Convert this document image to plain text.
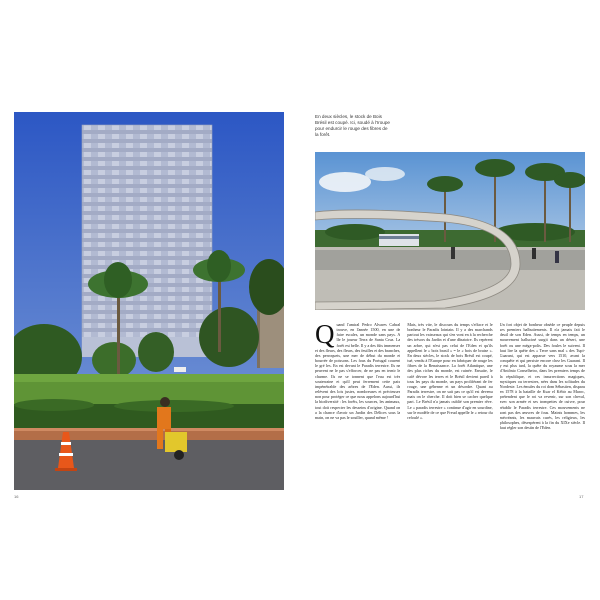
16
En deux siècles, le stock de Bois Brésil est coupé. Ici, soudé à l'Iroupe pour endurcir le rouge des fibres de la forêt.
Quand l'amiral Pedro Alvares Cabral trouve, en l'année 1500, en une de faire escales, un monde sans pays. A île le joueur Terra de Santa Cruz. La forêt est belle. Il y a des fûts immenses et des fleurs, des fleurs, des feuilles et des branches, des perroquets, une mer de début du monde et bourrée de poissons. Les fous du Portugal courent le gré les. En est devant le Paradis terrestre. Ils ne peuvent ne le pas s'efforcer, de ne pas en ternir le charme. Ils ne se tonnent que l'eau est très souterraine et qu'il peut ferrement cette paix impénétrable des arbres de l'Eden. Aussi, ils relèvent des lois justes, nombreuses et précieuses non pour protéger ce que nous appelons aujourd'hui la biodiversité : les forêts, les sources, les animaux, tout doit respecter les desseins d'origine. Quand on a la chance d'avoir un Jardin des Délices sous la main, on ne va pas le souiller, quand même !
Mais, très vite, le discours du temps s'efface et le bonheur le Paradis lointain. Il y a des marchands partout les vaisseaux qui s'en vont en à la recherche des trésors du Jardin et d'une dînatoire. Ils repèrent un arbre, qui n'est pas celui de l'Eden et qu'ils appellent le « bois brasil » = le « bois de braise ». En deux siècles, le stock de bois Brésil est coupé, tué, vendu à l'Europe pour en fabriquer de rouge les fibres de la Renaissance. La forêt Atlantique, une des plus riches du monde, est ruinée. Ensuite, le café dévore les terres et le Brésil devient pareil à tous les pays du monde, un pays proliférant de fer rouge, une géhenne et un désordre. Quant au Paradis terrestre, on ne sait pas ce qu'il est devenu mais on le cherche. Il doit bien se cacher quelque part. Le Brésil n'a jamais oublié son premier rêve. Le « paradis terrestre » continue d'agir en sourdine, sur le modèle de ce que Freud appelle le « retour du refoulé ».
Un fort objet de bonheur obsède ce peuple depuis ses premiers balbutiements. Il n'a jamais fait le deuil de son Eden. Aussi, de temps en temps, un mouvement halluciné surgit dans un désert, une forêt ou une méga-polis. Des foules le suivent. Il faut lire la quête des « Terre sans mal » des Tupi-Guarani, qui est apparue vers 1510, avant la conquête et qui persiste encore chez les Guarani. Il y eut plus tard, la quête du royaume sous la mer d'Antônio Conselheiro, dans les premiers temps de la république, et ces insurrections magiques, mystiques ou terrestres, nées dans les solitudes du Nordeste. Les émules du roi dom Sébastien, disparu en 1578 à la bataille de Ksar el Kébir au Maroc, prétendent que le roi va revenir, sur son cheval, avec son armée et ses trompettes de cuivre, pour rétablir le Paradis terrestre. Ces mouvements ne sont pas des œuvres de fous. Maints hommes, les mécréants, les mauvais curés, les religieux, les philosophes, désespèrent à la fin du XIXe siècle. Il faut régler son destin de l'Eden.
17
